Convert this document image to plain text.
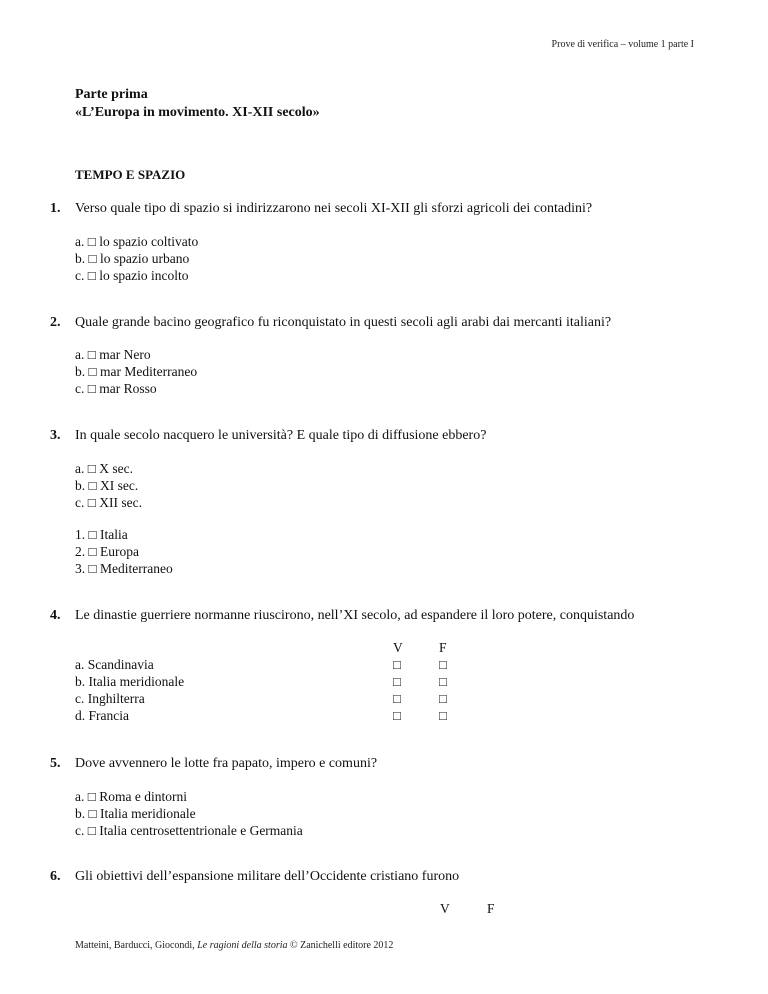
Prove di verifica – volume 1 parte I
Parte prima
«L’Europa in movimento. XI-XII secolo»
TEMPO E SPAZIO
1. Verso quale tipo di spazio si indirizzarono nei secoli XI-XII gli sforzi agricoli dei contadini?
a. □ lo spazio coltivato
b. □ lo spazio urbano
c. □ lo spazio incolto
2. Quale grande bacino geografico fu riconquistato in questi secoli agli arabi dai mercanti italiani?
a. □ mar Nero
b. □ mar Mediterraneo
c. □ mar Rosso
3. In quale secolo nacquero le università? E quale tipo di diffusione ebbero?
a. □ X sec.
b. □ XI sec.
c. □ XII sec.
1. □ Italia
2. □ Europa
3. □ Mediterraneo
4. Le dinastie guerriere normanne riuscirono, nell’XI secolo, ad espandere il loro potere, conquistando
V	F
a. Scandinavia
b. Italia meridionale
c. Inghilterra
d. Francia
□
□
□
□
□
□
□
□
5. Dove avvennero le lotte fra papato, impero e comuni?
a. □ Roma e dintorni
b. □ Italia meridionale
c. □ Italia centrosettentrionale e Germania
6. Gli obiettivi dell’espansione militare dell’Occidente cristiano furono
V	F
Matteini, Barducci, Giocondi, Le ragioni della storia © Zanichelli editore 2012
